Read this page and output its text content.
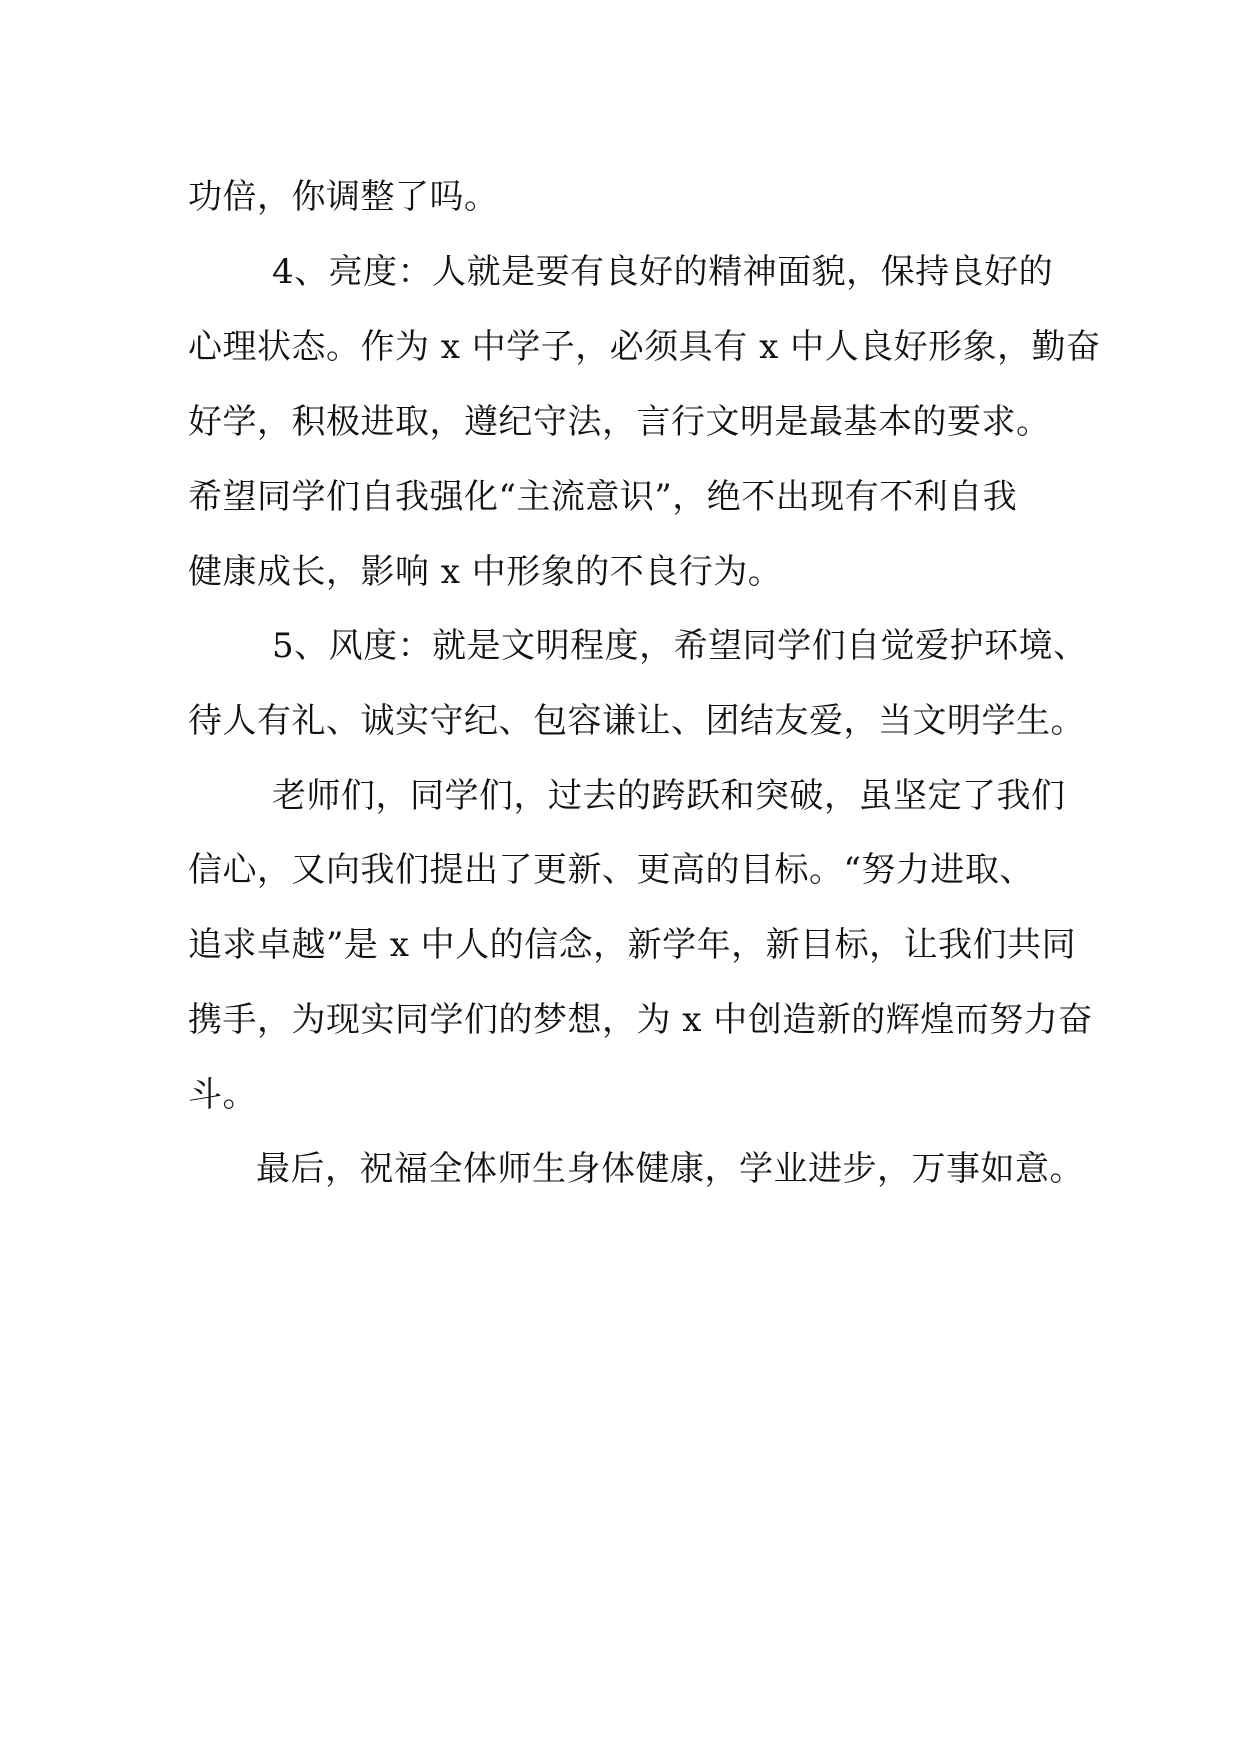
功倍，你调整了吗。
4、亮度：人就是要有良好的精神面貌，保持良好的
心理状态。作为 x 中学子，必须具有 x 中人良好形象，勤奋
好学，积极进取，遵纪守法，言行文明是最基本的要求。
希望同学们自我强化“主流意识”，绝不出现有不利自我
健康成长，影响 x 中形象的不良行为。
5、风度：就是文明程度，希望同学们自觉爱护环境、
待人有礼、诚实守纪、包容谦让、团结友爱，当文明学生。
老师们，同学们，过去的跨跃和突破，虽坚定了我们
信心，又向我们提出了更新、更高的目标。“努力进取、
追求卓越”是 x 中人的信念，新学年，新目标，让我们共同
携手，为现实同学们的梦想，为 x 中创造新的辉煌而努力奋
斗。
最后，祝福全体师生身体健康，学业进步，万事如意。
